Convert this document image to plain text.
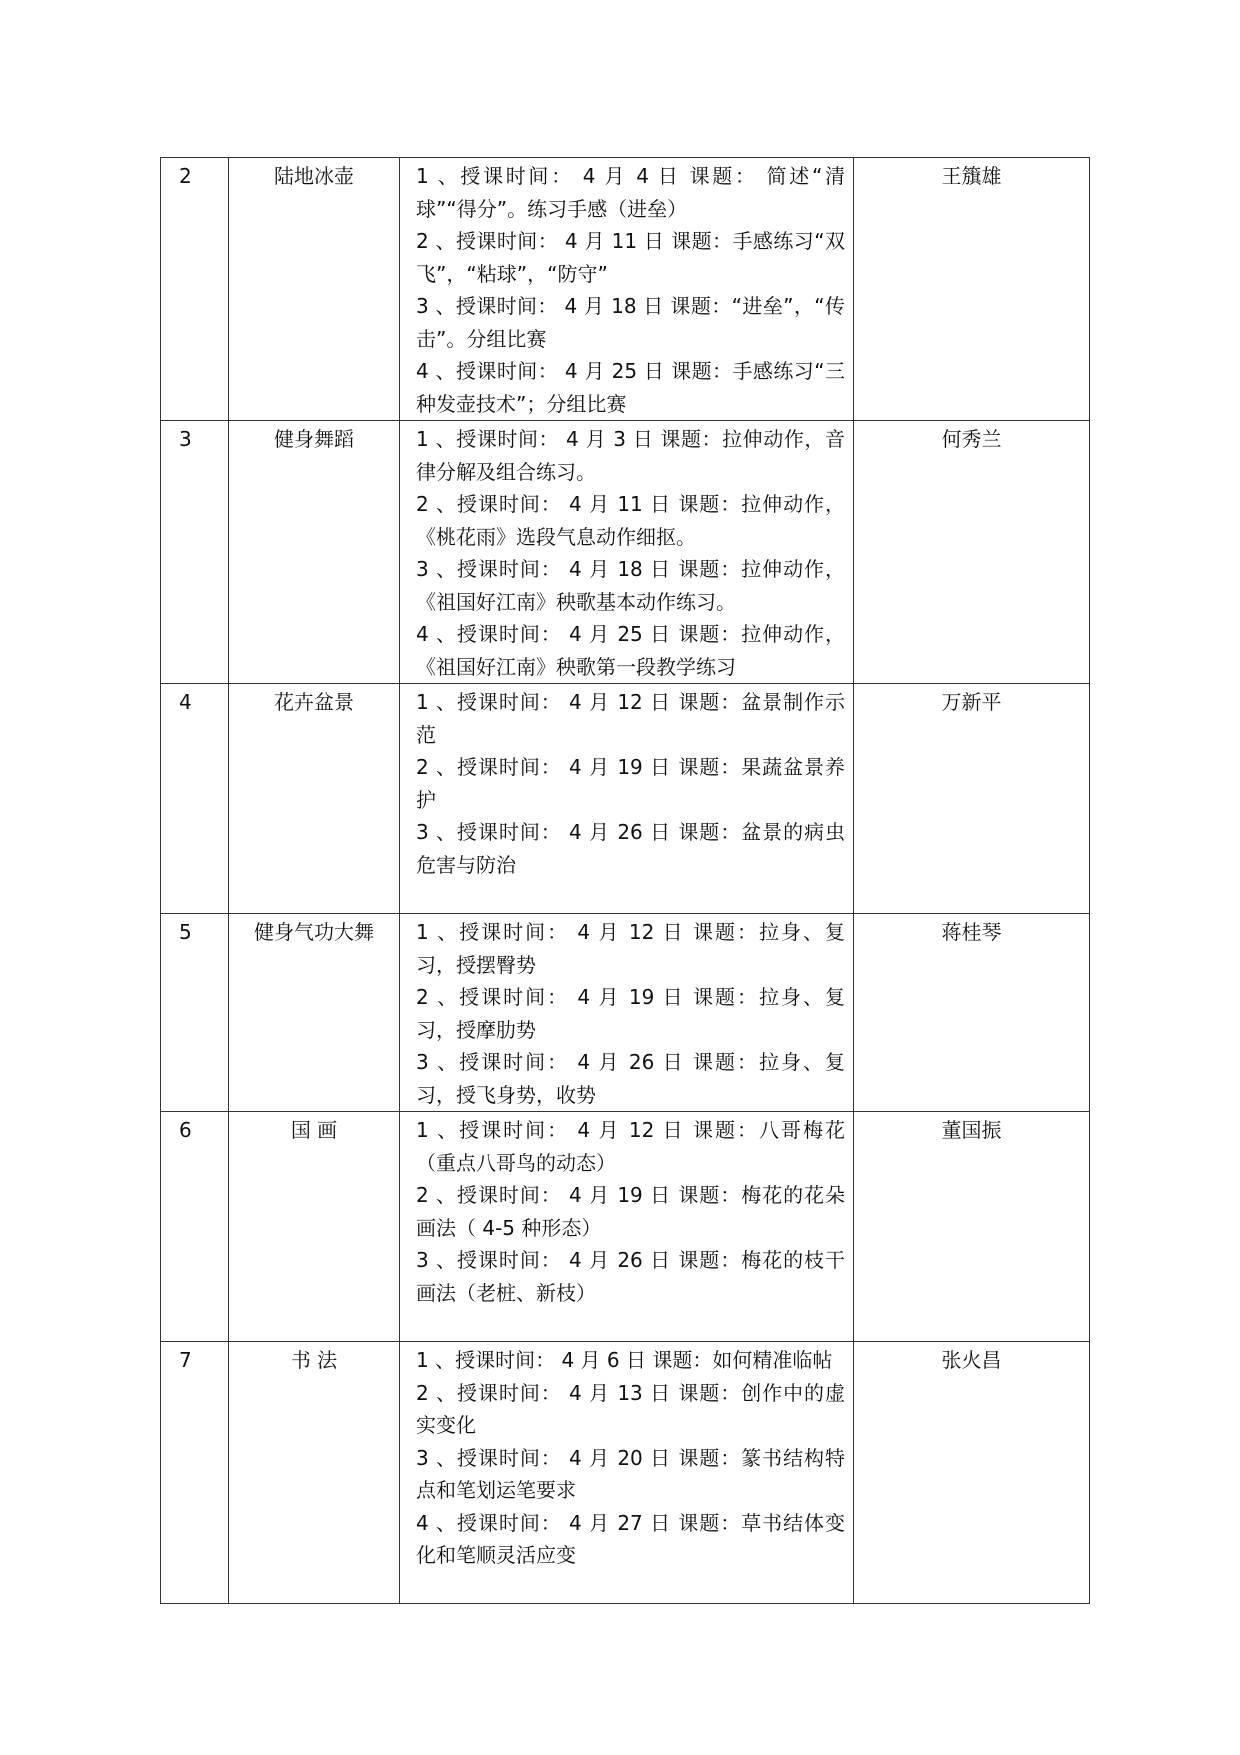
2	陆地冰壶	1 、授课时间： 4 月 4 日 课题： 简述“清球”“得分”。练习手感（进垒）
2 、授课时间： 4 月 11 日 课题：手感练习“双飞”，“粘球”，“防守”
3 、授课时间： 4 月 18 日 课题：“进垒”，“传击”。分组比赛
4 、授课时间： 4 月 25 日 课题：手感练习“三种发壶技术”；分组比赛	王籏雄
3	健身舞蹈	1 、授课时间： 4 月 3 日 课题：拉伸动作，音律分解及组合练习。
2 、授课时间： 4 月 11 日 课题：拉伸动作，《桃花雨》选段气息动作细抠。
3 、授课时间： 4 月 18 日 课题：拉伸动作，《祖国好江南》秧歌基本动作练习。
4 、授课时间： 4 月 25 日 课题：拉伸动作，《祖国好江南》秧歌第一段教学练习	何秀兰
4	花卉盆景	1 、授课时间： 4 月 12 日 课题：盆景制作示范
2 、授课时间： 4 月 19 日 课题：果蔬盆景养护
3 、授课时间： 4 月 26 日 课题：盆景的病虫危害与防治	万新平
5	健身气功大舞	1 、授课时间： 4 月 12 日 课题：拉身、复习，授摆臀势
2 、授课时间： 4 月 19 日 课题：拉身、复习，授摩肋势
3 、授课时间： 4 月 26 日 课题：拉身、复习，授飞身势，收势	蒋桂琴
6	国 画	1 、授课时间： 4 月 12 日 课题：八哥梅花（重点八哥鸟的动态）
2 、授课时间： 4 月 19 日 课题：梅花的花朵画法（ 4-5 种形态）
3 、授课时间： 4 月 26 日 课题：梅花的枝干画法（老桩、新枝）	董国振
7	书 法	1 、授课时间： 4 月 6 日 课题：如何精准临帖
2 、授课时间： 4 月 13 日 课题：创作中的虚实变化
3 、授课时间： 4 月 20 日 课题：篆书结构特点和笔划运笔要求
4 、授课时间： 4 月 27 日 课题：草书结体变化和笔顺灵活应变	张火昌
